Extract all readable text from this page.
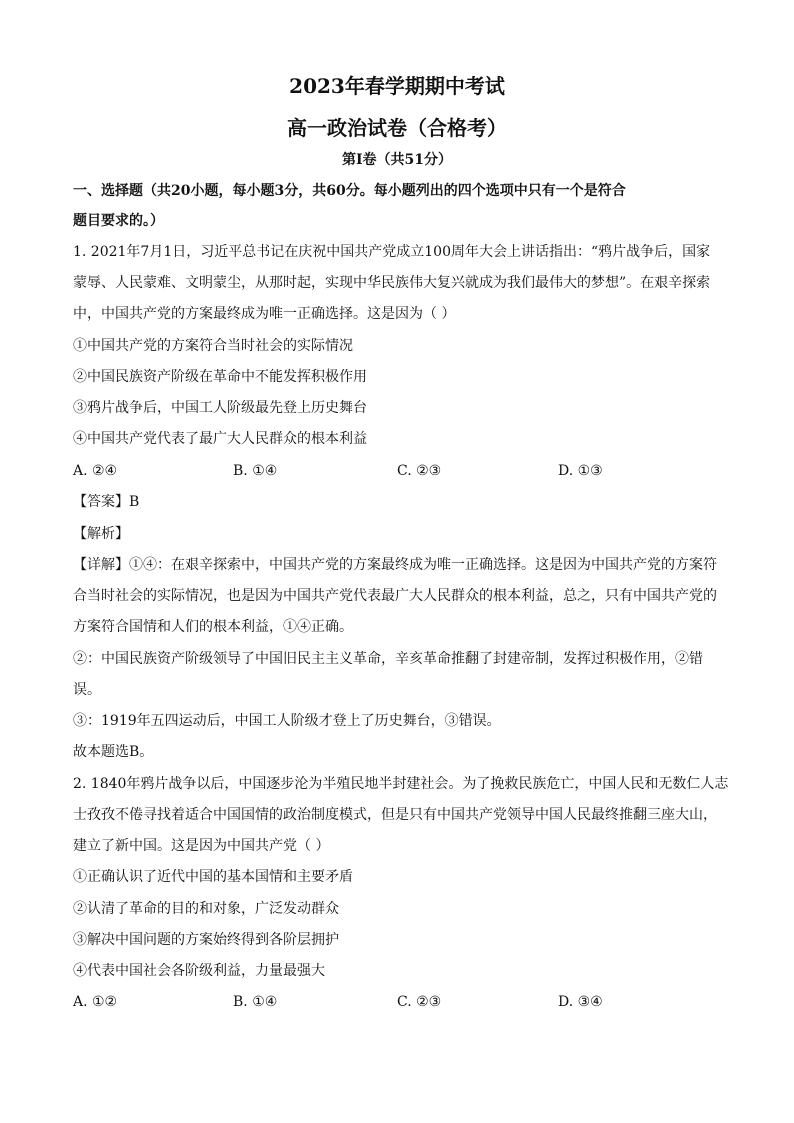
2023年春学期期中考试
高一政治试卷（合格考）
第Ⅰ卷（共51分）
一、选择题（共20小题，每小题3分，共60分。每小题列出的四个选项中只有一个是符合
题目要求的。）
1. 2021年7月1日，习近平总书记在庆祝中国共产党成立100周年大会上讲话指出：“鸦片战争后，国家
蒙辱、人民蒙难、文明蒙尘，从那时起，实现中华民族伟大复兴就成为我们最伟大的梦想”。在艰辛探索
中，中国共产党的方案最终成为唯一正确选择。这是因为（ ）
①中国共产党的方案符合当时社会的实际情况
②中国民族资产阶级在革命中不能发挥积极作用
③鸦片战争后，中国工人阶级最先登上历史舞台
④中国共产党代表了最广大人民群众的根本利益
A. ②④	B. ①④	C. ②③	D. ①③
【答案】B
【解析】
【详解】①④：在艰辛探索中，中国共产党的方案最终成为唯一正确选择。这是因为中国共产党的方案符
合当时社会的实际情况，也是因为中国共产党代表最广大人民群众的根本利益，总之，只有中国共产党的
方案符合国情和人们的根本利益，①④正确。
②：中国民族资产阶级领导了中国旧民主主义革命，辛亥革命推翻了封建帝制，发挥过积极作用，②错
误。
③：1919年五四运动后，中国工人阶级才登上了历史舞台，③错误。
故本题选B。
2. 1840年鸦片战争以后，中国逐步沦为半殖民地半封建社会。为了挽救民族危亡，中国人民和无数仁人志
士孜孜不倦寻找着适合中国国情的政治制度模式，但是只有中国共产党领导中国人民最终推翻三座大山，
建立了新中国。这是因为中国共产党（ ）
①正确认识了近代中国的基本国情和主要矛盾
②认清了革命的目的和对象，广泛发动群众
③解决中国问题的方案始终得到各阶层拥护
④代表中国社会各阶级利益，力量最强大
A. ①②	B. ①④	C. ②③	D. ③④
